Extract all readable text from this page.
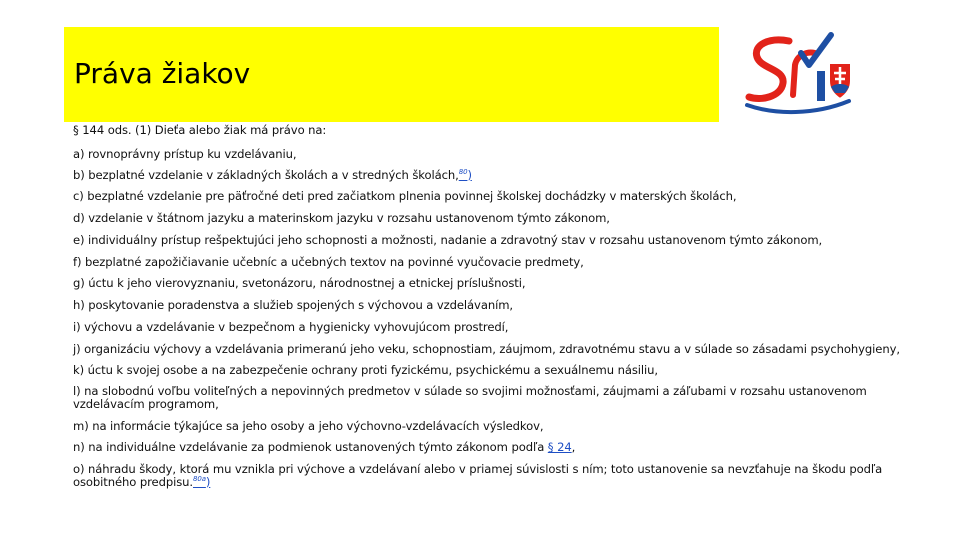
Práva žiakov
§ 144 ods. (1) Dieťa alebo žiak má právo na:
a) rovnoprávny prístup ku vzdelávaniu,
b) bezplatné vzdelanie v základných školách a v stredných školách,$^{80}$)
c) bezplatné vzdelanie pre päťročné deti pred začiatkom plnenia povinnej školskej dochádzky v materských školách,
d) vzdelanie v štátnom jazyku a materinskom jazyku v rozsahu ustanovenom týmto zákonom,
e) individuálny prístup rešpektujúci jeho schopnosti a možnosti, nadanie a zdravotný stav v rozsahu ustanovenom týmto zákonom,
f) bezplatné zapožičiavanie učebníc a učebných textov na povinné vyučovacie predmety,
g) úctu k jeho vierovyznaniu, svetonázoru, národnostnej a etnickej príslušnosti,
h) poskytovanie poradenstva a služieb spojených s výchovou a vzdelávaním,
i) výchovu a vzdelávanie v bezpečnom a hygienicky vyhovujúcom prostredí,
j) organizáciu výchovy a vzdelávania primeranú jeho veku, schopnostiam, záujmom, zdravotnému stavu a v súlade so zásadami psychohygieny,
k) úctu k svojej osobe a na zabezpečenie ochrany proti fyzickému, psychickému a sexuálnemu násiliu,
l) na slobodnú voľbu voliteľných a nepovinných predmetov v súlade so svojimi možnosťami, záujmami a záľubami v rozsahu ustanovenom vzdelávacím programom,
m) na informácie týkajúce sa jeho osoby a jeho výchovno-vzdelávacích výsledkov,
n) na individuálne vzdelávanie za podmienok ustanovených týmto zákonom podľa § 24,
o) náhradu škody, ktorá mu vznikla pri výchove a vzdelávaní alebo v priamej súvislosti s ním; toto ustanovenie sa nevzťahuje na škodu podľa osobitného predpisu.$^{80a}$)
